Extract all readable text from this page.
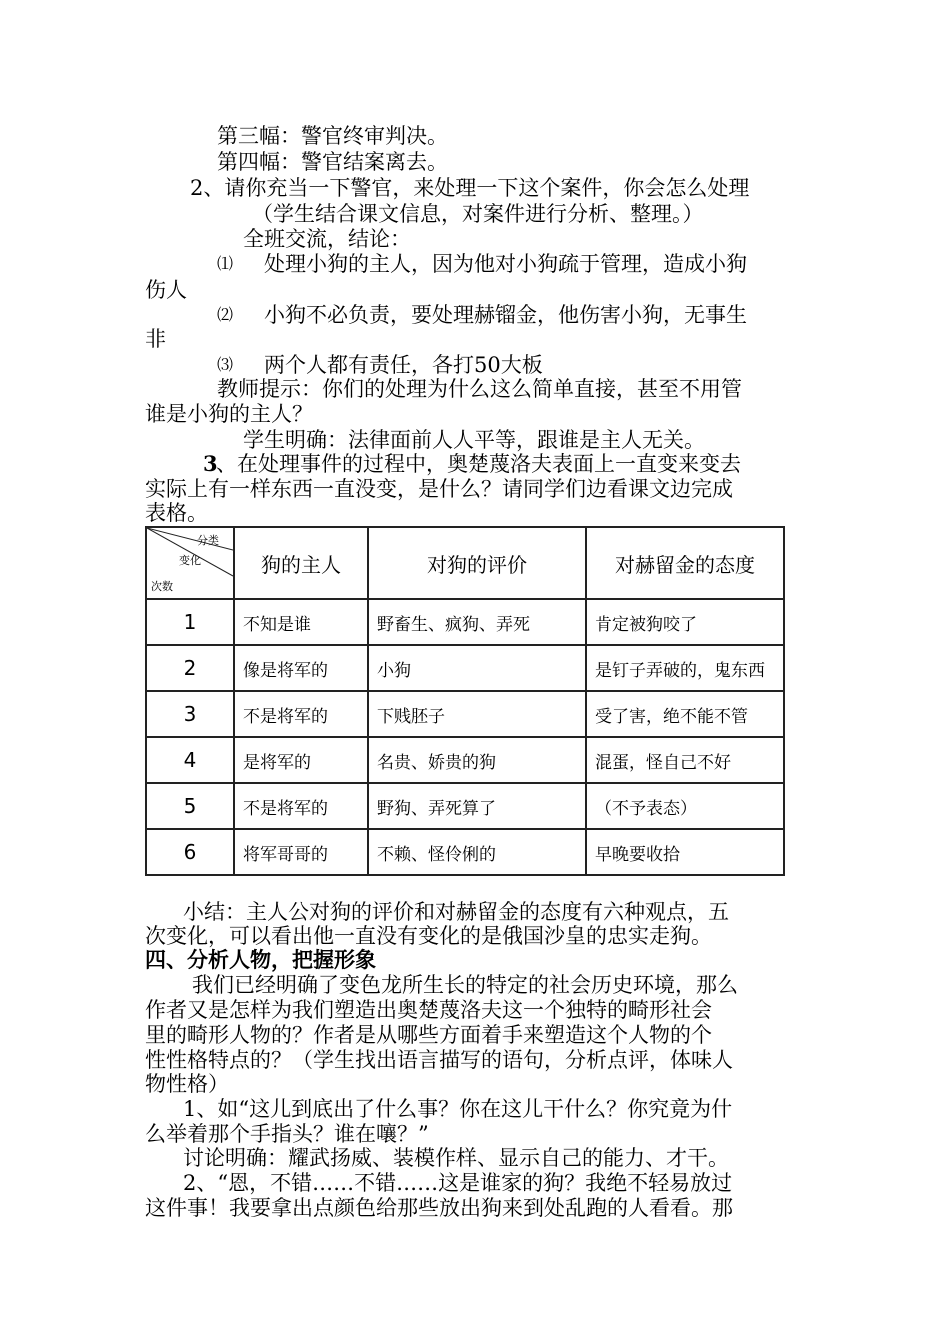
第三幅：警官终审判决。
第四幅：警官结案离去。
2、请你充当一下警官，来处理一下这个案件，你会怎么处理
（学生结合课文信息，对案件进行分析、整理。）
全班交流，结论：
⑴ 处理小狗的主人，因为他对小狗疏于管理，造成小狗
伤人
⑵ 小狗不必负责，要处理赫镏金，他伤害小狗，无事生
非
⑶ 两个人都有责任，各打50大板
教师提示：你们的处理为什么这么简单直接，甚至不用管
谁是小狗的主人？
学生明确：法律面前人人平等，跟谁是主人无关。
3
、在处理事件的过程中，奥楚蔑洛夫表面上一直变来变去
实际上有一样东西一直没变，是什么？请同学们边看课文边完成
表格。
分类
变化
次数	狗的主人	对狗的评价	对赫留金的态度
1	不知是谁	野畜生、疯狗、弄死	肯定被狗咬了
2	像是将军的	小狗	是钉子弄破的，鬼东西
3	不是将军的	下贱胚子	受了害，绝不能不管
4	是将军的	名贵、娇贵的狗	混蛋，怪自己不好
5	不是将军的	野狗、弄死算了	（不予表态）
6	将军哥哥的	不赖、怪伶俐的	早晚要收拾
小结：主人公对狗的评价和对赫留金的态度有六种观点，五
次变化，可以看出他一直没有变化的是俄国沙皇的忠实走狗。
四、分析人物，把握形象
我们已经明确了变色龙所生长的特定的社会历史环境，那么
作者又是怎样为我们塑造出奥楚蔑洛夫这一个独特的畸形社会
里的畸形人物的？作者是从哪些方面着手来塑造这个人物的个
性性格特点的？（学生找出语言描写的语句，分析点评，体味人
物性格）
1、如“这儿到底出了什么事？你在这儿干什么？你究竟为什
么举着那个手指头？谁在嚷？”
讨论明确：耀武扬威、装模作样、显示自己的能力、才干。
2、“恩，不错……不错……这是谁家的狗？我绝不轻易放过
这件事！我要拿出点颜色给那些放出狗来到处乱跑的人看看。那
